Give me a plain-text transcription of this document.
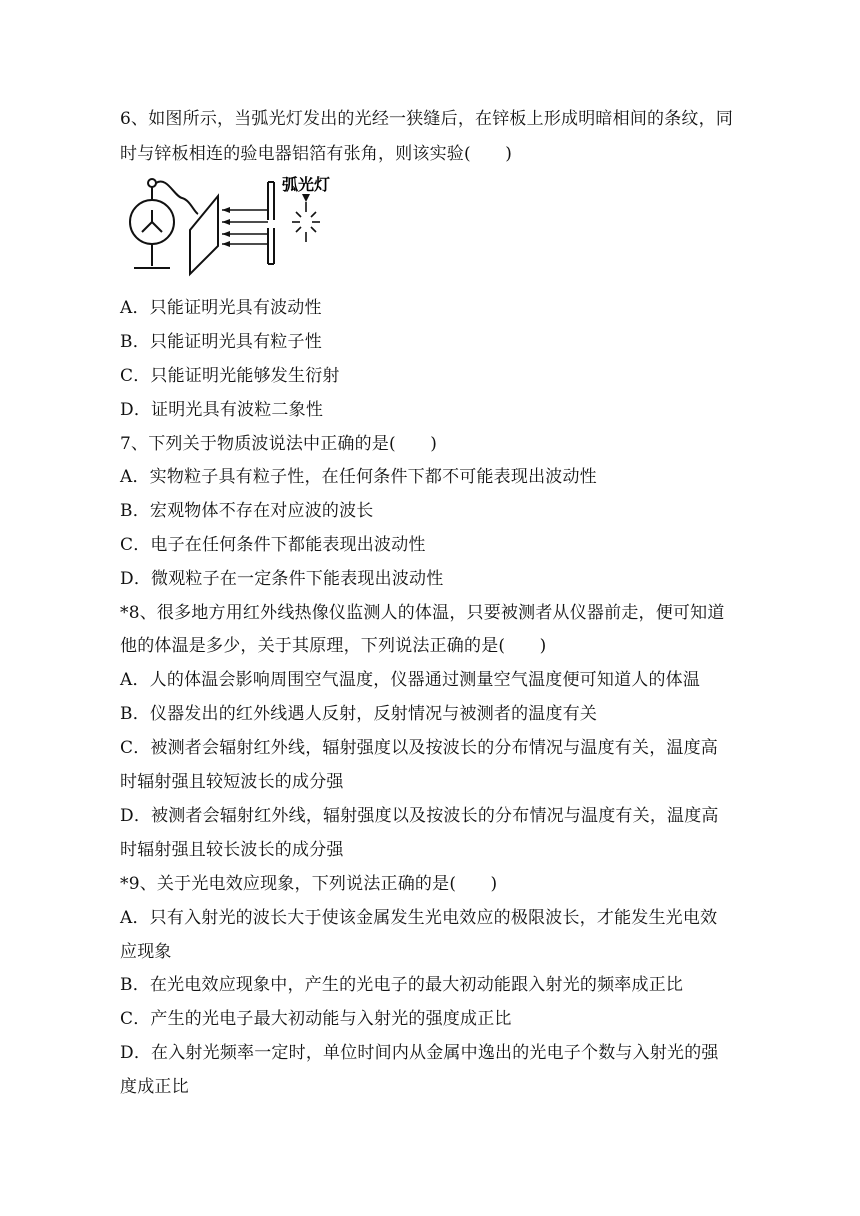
6、如图所示，当弧光灯发出的光经一狭缝后，在锌板上形成明暗相间的条纹，同
时与锌板相连的验电器铝箔有张角，则该实验(　　)
弧光灯
A．只能证明光具有波动性
B．只能证明光具有粒子性
C．只能证明光能够发生衍射
D．证明光具有波粒二象性
7、下列关于物质波说法中正确的是(　　)
A．实物粒子具有粒子性，在任何条件下都不可能表现出波动性
B．宏观物体不存在对应波的波长
C．电子在任何条件下都能表现出波动性
D．微观粒子在一定条件下能表现出波动性
*8、很多地方用红外线热像仪监测人的体温，只要被测者从仪器前走，便可知道
他的体温是多少，关于其原理，下列说法正确的是(　　)
A．人的体温会影响周围空气温度，仪器通过测量空气温度便可知道人的体温
B．仪器发出的红外线遇人反射，反射情况与被测者的温度有关
C．被测者会辐射红外线，辐射强度以及按波长的分布情况与温度有关，温度高
时辐射强且较短波长的成分强
D．被测者会辐射红外线，辐射强度以及按波长的分布情况与温度有关，温度高
时辐射强且较长波长的成分强
*9、关于光电效应现象，下列说法正确的是(　　)
A．只有入射光的波长大于使该金属发生光电效应的极限波长，才能发生光电效
应现象
B．在光电效应现象中，产生的光电子的最大初动能跟入射光的频率成正比
C．产生的光电子最大初动能与入射光的强度成正比
D．在入射光频率一定时，单位时间内从金属中逸出的光电子个数与入射光的强
度成正比
